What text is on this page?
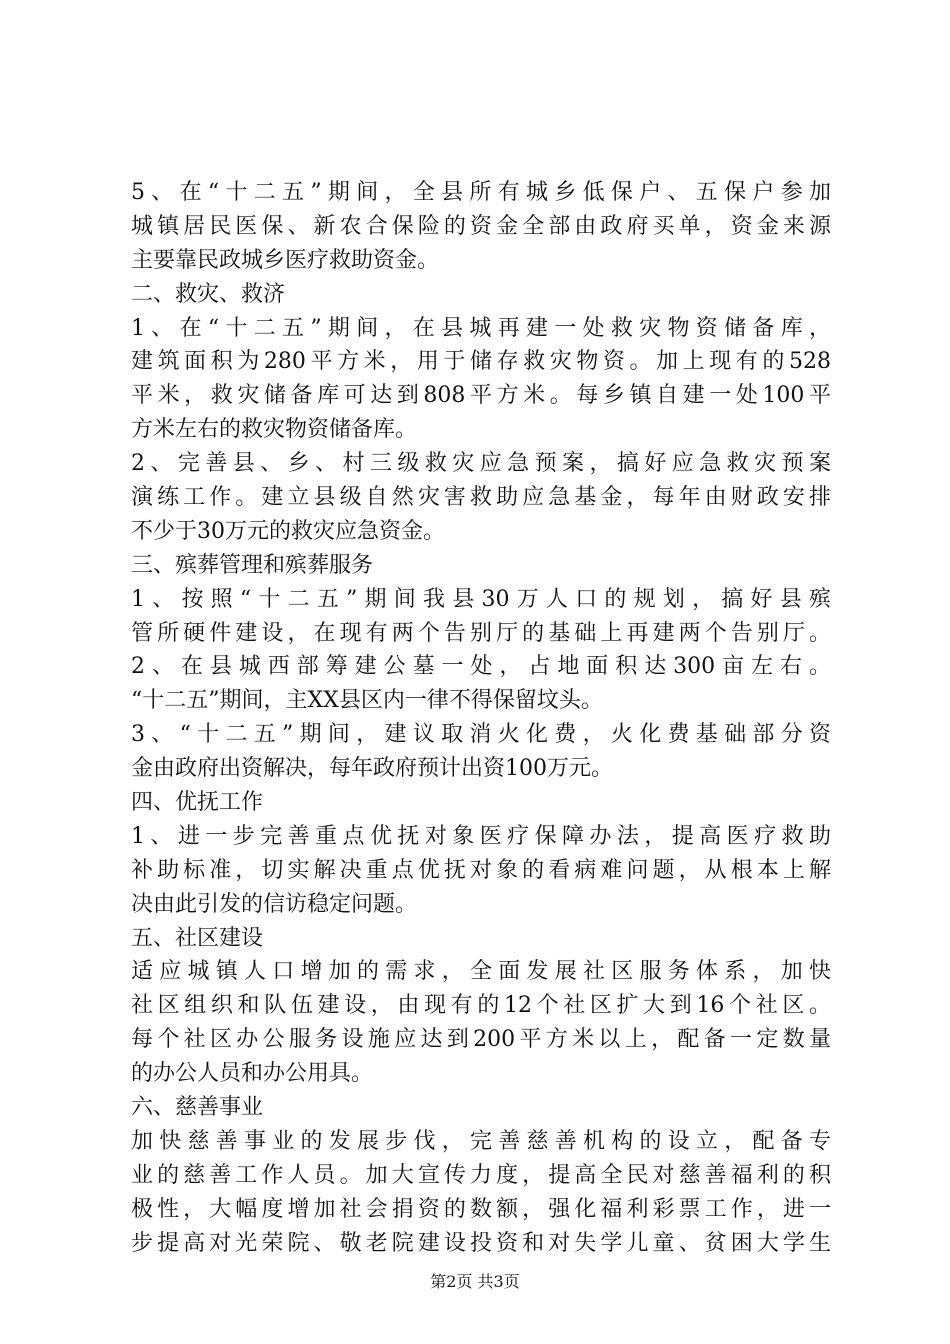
5、在“十二五”期间，全县所有城乡低保户、五保户参加
城镇居民医保、新农合保险的资金全部由政府买单，资金来源
主要靠民政城乡医疗救助资金。
二、救灾、救济
1、在“十二五”期间，在县城再建一处救灾物资储备库，
建筑面积为280平方米，用于储存救灾物资。加上现有的528
平米，救灾储备库可达到808平方米。每乡镇自建一处100平
方米左右的救灾物资储备库。
2、完善县、乡、村三级救灾应急预案，搞好应急救灾预案
演练工作。建立县级自然灾害救助应急基金，每年由财政安排
不少于30万元的救灾应急资金。
三、殡葬管理和殡葬服务
1、按照“十二五”期间我县30万人口的规划，搞好县殡
管所硬件建设，在现有两个告别厅的基础上再建两个告别厅。
2、在县城西部筹建公墓一处，占地面积达300亩左右。
“十二五”期间，主XX县区内一律不得保留坟头。
3、“十二五”期间，建议取消火化费，火化费基础部分资
金由政府出资解决，每年政府预计出资100万元。
四、优抚工作
1、进一步完善重点优抚对象医疗保障办法，提高医疗救助
补助标准，切实解决重点优抚对象的看病难问题，从根本上解
决由此引发的信访稳定问题。
五、社区建设
适应城镇人口增加的需求，全面发展社区服务体系，加快
社区组织和队伍建设，由现有的12个社区扩大到16个社区。
每个社区办公服务设施应达到200平方米以上，配备一定数量
的办公人员和办公用具。
六、慈善事业
加快慈善事业的发展步伐，完善慈善机构的设立，配备专
业的慈善工作人员。加大宣传力度，提高全民对慈善福利的积
极性，大幅度增加社会捐资的数额，强化福利彩票工作，进一
步提高对光荣院、敬老院建设投资和对失学儿童、贫困大学生
第2页 共3页
